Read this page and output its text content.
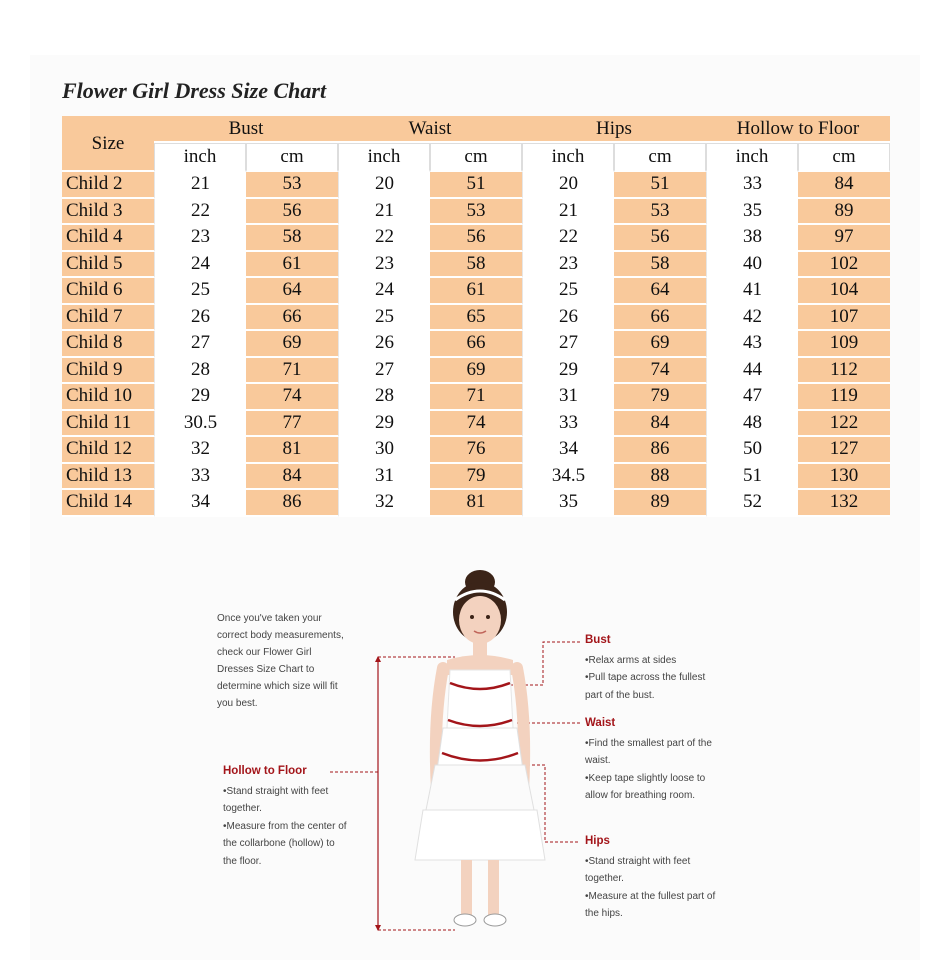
Flower Girl Dress Size Chart
Size	Bust		Waist		Hips		Hollow to Floor	
	inch	cm	inch	cm	inch	cm	inch	cm
Child 2	21	53	20	51	20	51	33	84
Child 3	22	56	21	53	21	53	35	89
Child 4	23	58	22	56	22	56	38	97
Child 5	24	61	23	58	23	58	40	102
Child 6	25	64	24	61	25	64	41	104
Child 7	26	66	25	65	26	66	42	107
Child 8	27	69	26	66	27	69	43	109
Child 9	28	71	27	69	29	74	44	112
Child 10	29	74	28	71	31	79	47	119
Child 11	30.5	77	29	74	33	84	48	122
Child 12	32	81	30	76	34	86	50	127
Child 13	33	84	31	79	34.5	88	51	130
Child 14	34	86	32	81	35	89	52	132
Once you've taken your
correct body measurements,
check our Flower Girl
Dresses Size Chart to
determine which size will fit
you best.
Hollow to Floor

•Stand straight with feet

together.

•Measure from the center of

the collarbone (hollow) to

the floor.

Bust

•Relax arms at sides

•Pull tape across the fullest

part of the bust.

Waist

•Find the smallest part of the

waist.

•Keep tape slightly loose to

allow for breathing room.

Hips

•Stand straight with feet

together.

•Measure at the fullest part of

the hips.
